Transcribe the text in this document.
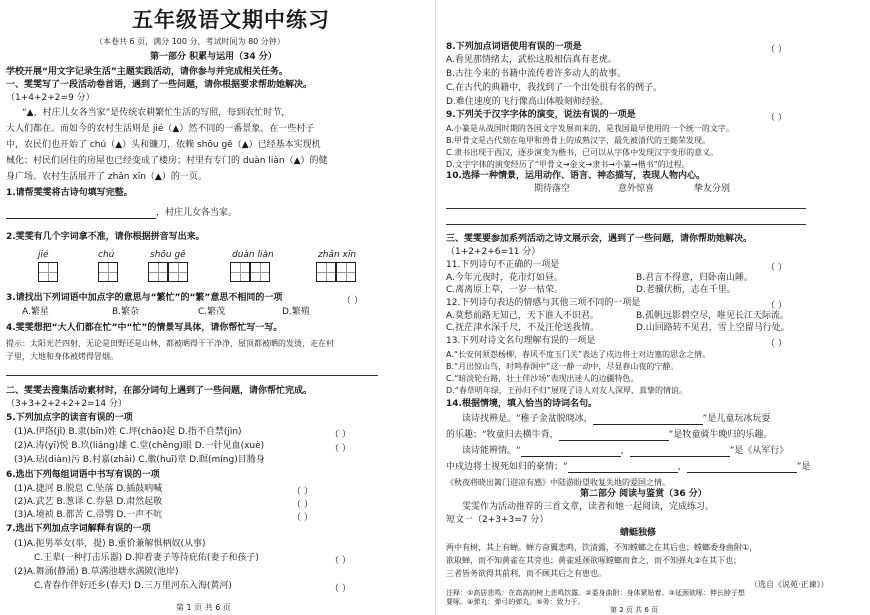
五年级语文期中练习
（本卷共 6 页，满分 100 分，考试时间为 80 分钟）
第一部分 积累与运用（34 分）
学校开展“用文字记录生活”主题实践活动，请你参与并完成相关任务。
一、雯雯写了一段活动卷首语，遇到了一些问题，请你根据要求帮助她解决。
（1+4+2+2=9 分）
“▲，村庄儿女各当家”是传统农耕繁忙生活的写照，每到农忙时节，
大人们都在。而如今的农村生活则是 jié（▲）然不同的一番景象。在一些村子
中，农民们也开始了 chú（▲）头和镰刀，依赖 shōu gē（▲）已经基本实现机
械化；村民们居住的房屋也已经变成了楼房；村里有专门的 duàn liàn（▲）的健
身广场。农村生活展开了 zhǎn xīn（▲）的一页。
1.请帮雯雯将古诗句填写完整。
，村庄儿女各当家。
2.雯雯有几个字词拿不准，请你根据拼音写出来。
jié	chú	shōu gē	duàn liàn	zhǎn xīn
3.请找出下列词语中加点字的意思与“繁忙”的“繁”意思不相同的一项	（ ）
A.繁星	B.繁杂	C.繁茂	D.繁殖
4.雯雯想把“大人们都在忙”中“忙”的情景写具体，请你帮忙写一写。
提示：太阳光芒四射，无论是田野还是山林，都被晒得干干净净，屋顶都被晒的发烫，走在村
子里，大地和身体被烤得冒烟。
二、雯雯去搜集活动素材时，在部分词句上遇到了一些问题，请你帮忙完成。
（3+3+2+2+2+2=14 分）
5.下列加点字的读音有误的一项
(1)A.伊珞(jǐ) B.隶(bīn)姓 C.坪(chāo)起 D.指不自禁(jìn)	（ ）
(2)A.涛(yī)悦 B.玖(liǎng)雄 C.堂(chěng)眼 D.一针见血(xuè)	（ ）
(3)A.玷(diàn)污 B.村嘉(zhāi) C.徽(huī)章 D.瞑(míng)目腾身
6.选出下列每组词语中书写有误的一项
(1)A.捷河 B.脱息 C.坠落 D.插鼓吶喊	（ ）
(2)A.武艺 B.葱译 C.券悬 D.肃然起敬	（ ）
(3)A.境祯 B.都苦 C.帚鹗 D.一声不吭	（ ）
7.选出下列加点字词解释有误的一项
(1)A.扼男举女(举，提) B.重价兼解惧柄奴(从事)
C.王辈(一种打击乐器) D.抑着妻子等待庇佑(妻子和孩子)	（ ）
(2)A.舞涌(静涌) B.草满池塘水满陂(池岸)
C.青春作伴好还乡(春天) D.三万里河东入海(黄河)	（ ）
第 1 页 共 6 页
8.下列加点词语使用有误的一项是	（ ）
A.看见那情绪太，武松这般相信真有老虎。
B.古往今来的书籍中流传着许多动人的故事。
C.在古代的典籍中，我找到了一个出处很有名的例子。
D.难住速度的飞行像高山体般刻师经验。
9.下列关于汉字字体的演变，说法有误的一项是	（ ）
A.小篆是从战国时期的各国文字发展而来的，是我国最早使用的一个统一的文字。
B.甲骨文是古代刻在龟甲和兽骨上的成熟汉字，最先被清代的王懿荣发现。
C.隶书出现于西汉，逐步演变为楷书，已可以从字体中发现汉字变形的意义。
D.文字字体的演变经历了“甲骨文→金文→隶书→小篆→楷书”的过程。
10.选择一种情景，运用动作、语言、神态描写，表现人物内心。
期待落空	意外惊喜	挚友分别
三、雯雯要参加系列活动之诗文展示会，遇到了一些问题，请你帮助她解决。
（1+2+2+6=11 分）
11.下列诗句不正确的一项是	（ ）
A.今年元夜时，花市灯如昼。	B.君言不得意，归卧南山陲。
C.离离原上草，一岁一枯荣。	D.老骥伏枥，志在千里。
12.下列诗句表达的情感与其他三项不同的一项是	（ ）
A.莫愁前路无知己，天下谁人不识君。	B.孤帆远影碧空尽，唯见长江天际流。
C.抚茫津水深千尺，不及汪伦送我情。	D.山回路转不见君，雪上空留马行处。
13.下列对诗文名句理解有误的一项是	（ ）
A.“长安何须怨杨柳，春风不度玉门关”表达了戍边将士对边塞的思念之情。
B.“月出惊山鸟，时鸣春涧中”这一静一动中，尽显春山夜的宁静。
C.“暗淡轮台路，壮士伴沙场”表现出迷人的边疆特色。
D.“春草明年绿，王孙归不归”展现了诗人对友人深厚、真挚的情谊。
14.根据情境，填入恰当的诗词名句。
读诗找辨是。“稚子金盆脱晓冰，	”是儿童玩冰玩耍
的乐趣；“牧童归去横牛背，	”是牧童骑牛晚归的乐趣。
读诗能辨情。“	，	”是《从军行》
中戍边将士视死如归的豪情；“	，	”是
《秋夜将晓出篱门迎凉有感》中陆游盼望收复失地的爱国之情。
第二部分 阅读与鉴赏（36 分）
雯雯作为活动推荐的三首文章，读者和她一起阅读，完成练习。
短文一（2+3+3=7 分）
蜻蜓独修
两中有树，其上有蝉。蝉方奋翼悲鸣，饮清露，不知螳螂之在其后也；螳螂委身曲附①，
欲取蝉，而不知黄雀在其旁也；黄雀延颈欲啄螳螂而食之，而不知弹丸②在其下也；
三者皆务欲得其前利，而不顾其后之有患也。
（选自《说苑·正谏》）
注释：①高居悲鸣：在高高的树上悲鸣饮露。②委身曲附：身体紧贴着。③延颈欲啄：伸长脖子想
要啄。④弹丸：弹弓的弹丸。⑤务：致力于。
第 2 页 共 6 页
